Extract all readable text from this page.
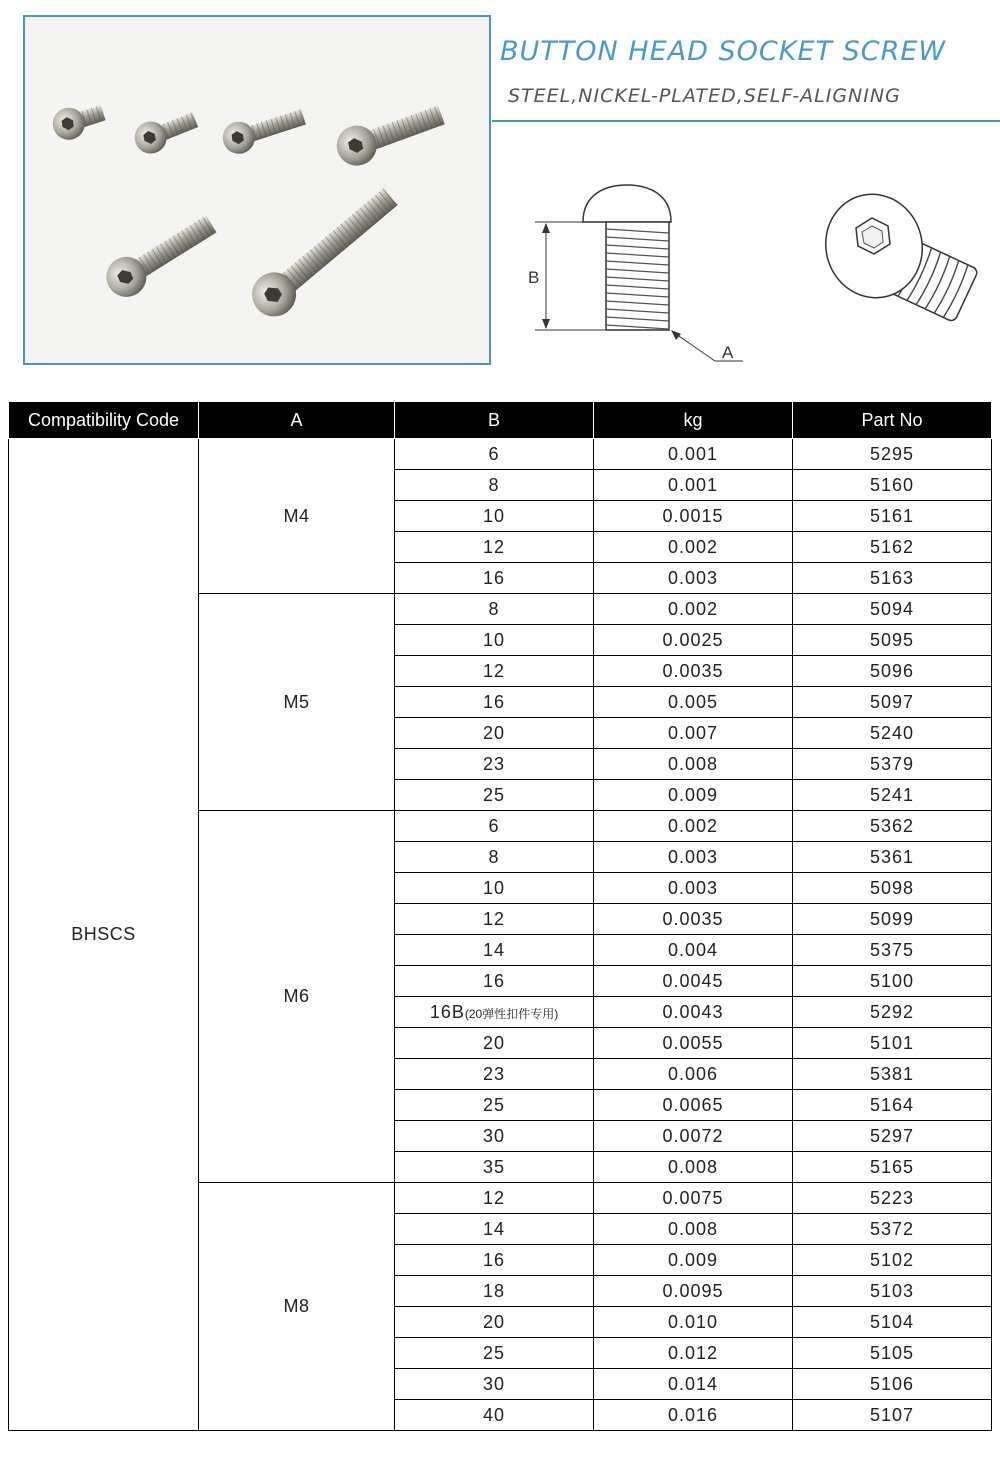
BUTTON HEAD SOCKET SCREW
STEEL,NICKEL-PLATED,SELF-ALIGNING
B
A
Compatibility Code	A	B	kg	Part No
BHSCS	M4	6	0.001	5295
		8	0.001	5160
		10	0.0015	5161
		12	0.002	5162
		16	0.003	5163
	M5	8	0.002	5094
		10	0.0025	5095
		12	0.0035	5096
		16	0.005	5097
		20	0.007	5240
		23	0.008	5379
		25	0.009	5241
	M6	6	0.002	5362
		8	0.003	5361
		10	0.003	5098
		12	0.0035	5099
		14	0.004	5375
		16	0.0045	5100
		16B(20弹性扣件专用)	0.0043	5292
		20	0.0055	5101
		23	0.006	5381
		25	0.0065	5164
		30	0.0072	5297
		35	0.008	5165
	M8	12	0.0075	5223
		14	0.008	5372
		16	0.009	5102
		18	0.0095	5103
		20	0.010	5104
		25	0.012	5105
		30	0.014	5106
		40	0.016	5107
